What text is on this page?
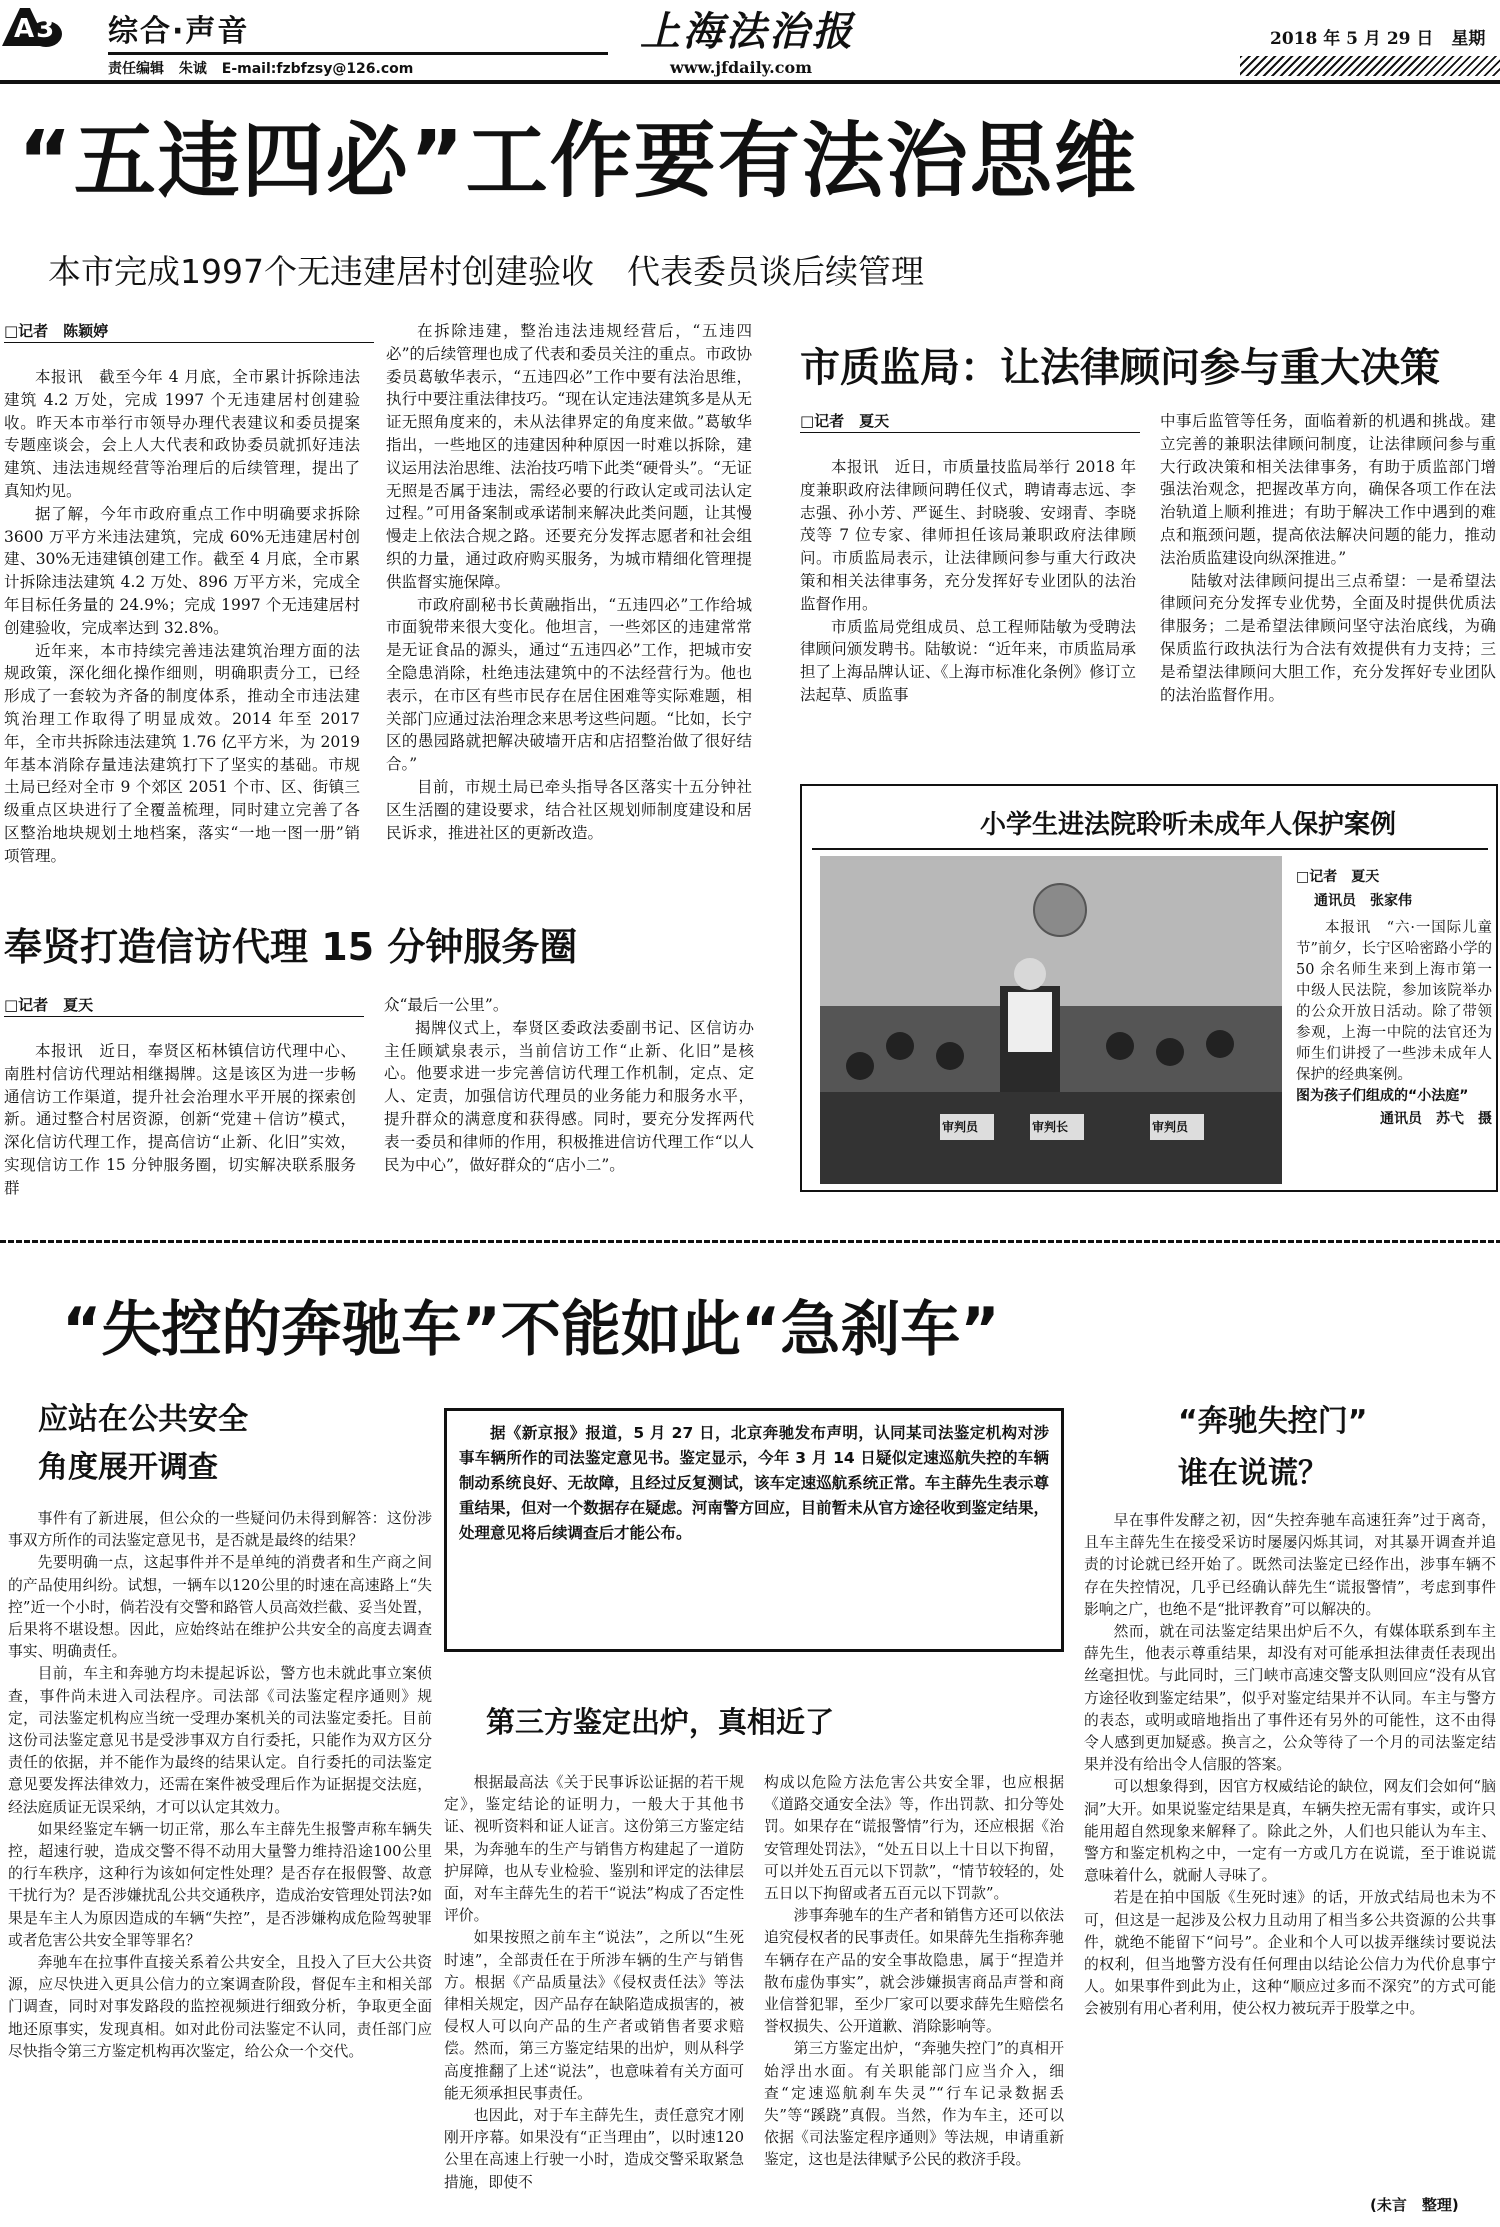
A3 综合·声音
责任编辑 朱诚 E-mail:fzbfzsy@126.com
上海法治报
www.jfdaily.com
2018 年 5 月 29 日 星期
“五违四必”工作要有法治思维
本市完成1997个无违建居村创建验收　代表委员谈后续管理
□记者　陈颖婷

本报讯　截至今年 4 月底，全市累计拆除违法建筑 4.2 万处，完成 1997 个无违建居村创建验收。昨天本市举行市领导办理代表建议和委员提案专题座谈会，会上人大代表和政协委员就抓好违法建筑、违法违规经营等治理后的后续管理，提出了真知灼见。

据了解，今年市政府重点工作中明确要求拆除 3600 万平方米违法建筑，完成 60%无违建居村创建、30%无违建镇创建工作。截至 4 月底，全市累计拆除违法建筑 4.2 万处、896 万平方米，完成全年目标任务量的 24.9%；完成 1997 个无违建居村创建验收，完成率达到 32.8%。

近年来，本市持续完善违法建筑治理方面的法规政策，深化细化操作细则，明确职责分工，已经形成了一套较为齐备的制度体系，推动全市违法建筑治理工作取得了明显成效。2014 年至 2017 年，全市共拆除违法建筑 1.76 亿平方米，为 2019 年基本消除存量违法建筑打下了坚实的基础。市规土局已经对全市 9 个郊区 2051 个市、区、街镇三级重点区块进行了全覆盖梳理，同时建立完善了各区整治地块规划土地档案，落实“一地一图一册”销项管理。

在拆除违建，整治违法违规经营后，“五违四必”的后续管理也成了代表和委员关注的重点。市政协委员葛敏华表示，“五违四必”工作中要有法治思维，执行中要注重法律技巧。“现在认定违法建筑多是从无证无照角度来的，未从法律界定的角度来做。”葛敏华指出，一些地区的违建因种种原因一时难以拆除，建议运用法治思维、法治技巧啃下此类“硬骨头”。“无证无照是否属于违法，需经必要的行政认定或司法认定过程。”可用备案制或承诺制来解决此类问题，让其慢慢走上依法合规之路。还要充分发挥志愿者和社会组织的力量，通过政府购买服务，为城市精细化管理提供监督实施保障。

市政府副秘书长黄融指出，“五违四必”工作给城市面貌带来很大变化。他坦言，一些郊区的违建常常是无证食品的源头，通过“五违四必”工作，把城市安全隐患消除，杜绝违法建筑中的不法经营行为。他也表示，在市区有些市民存在居住困难等实际难题，相关部门应通过法治理念来思考这些问题。“比如，长宁区的愚园路就把解决破墙开店和店招整治做了很好结合。”

目前，市规土局已牵头指导各区落实十五分钟社区生活圈的建设要求，结合社区规划师制度建设和居民诉求，推进社区的更新改造。

市质监局：让法律顾问参与重大决策
□记者　夏天

本报讯　近日，市质量技监局举行 2018 年度兼职政府法律顾问聘任仪式，聘请毒志远、李志强、孙小芳、严诞生、封晓骏、安翊青、李晓茂等 7 位专家、律师担任该局兼职政府法律顾问。市质监局表示，让法律顾问参与重大行政决策和相关法律事务，充分发挥好专业团队的法治监督作用。

市质监局党组成员、总工程师陆敏为受聘法律顾问颁发聘书。陆敏说：“近年来，市质监局承担了上海品牌认证、《上海市标准化条例》修订立法起草、质监事

中事后监管等任务，面临着新的机遇和挑战。建立完善的兼职法律顾问制度，让法律顾问参与重大行政决策和相关法律事务，有助于质监部门增强法治观念，把握改革方向，确保各项工作在法治轨道上顺利推进；有助于解决工作中遇到的难点和瓶颈问题，提高依法解决问题的能力，推动法治质监建设向纵深推进。”

陆敏对法律顾问提出三点希望：一是希望法律顾问充分发挥专业优势，全面及时提供优质法律服务；二是希望法律顾问坚守法治底线，为确保质监行政执法行为合法有效提供有力支持；三是希望法律顾问大胆工作，充分发挥好专业团队的法治监督作用。

小学生进法院聆听未成年人保护案例
审判员	审判长	审判员
□记者　夏天
通讯员　张家伟

本报讯　“六·一国际儿童节”前夕，长宁区哈密路小学的 50 余名师生来到上海市第一中级人民法院，参加该院举办的公众开放日活动。除了带领参观，上海一中院的法官还为师生们讲授了一些涉未成年人保护的经典案例。

图为孩子们组成的“小法庭”

通讯员　苏弋　摄

奉贤打造信访代理 15 分钟服务圈
□记者　夏天

本报讯　近日，奉贤区柘林镇信访代理中心、南胜村信访代理站相继揭牌。这是该区为进一步畅通信访工作渠道，提升社会治理水平开展的探索创新。通过整合村居资源，创新“党建＋信访”模式，深化信访代理工作，提高信访“止新、化旧”实效，实现信访工作 15 分钟服务圈，切实解决联系服务群

众“最后一公里”。

揭牌仪式上，奉贤区委政法委副书记、区信访办主任顾斌泉表示，当前信访工作“止新、化旧”是核心。他要求进一步完善信访代理工作机制，定点、定人、定责，加强信访代理员的业务能力和服务水平，提升群众的满意度和获得感。同时，要充分发挥两代表一委员和律师的作用，积极推进信访代理工作“以人民为中心”，做好群众的“店小二”。

“失控的奔驰车”不能如此“急刹车”
应站在公共安全
角度展开调查

事件有了新进展，但公众的一些疑问仍未得到解答：这份涉事双方所作的司法鉴定意见书，是否就是最终的结果？

先要明确一点，这起事件并不是单纯的消费者和生产商之间的产品使用纠纷。试想，一辆车以120公里的时速在高速路上“失控”近一个小时，倘若没有交警和路管人员高效拦截、妥当处置，后果将不堪设想。因此，应始终站在维护公共安全的高度去调查事实、明确责任。

目前，车主和奔驰方均未提起诉讼，警方也未就此事立案侦查，事件尚未进入司法程序。司法部《司法鉴定程序通则》规定，司法鉴定机构应当统一受理办案机关的司法鉴定委托。目前这份司法鉴定意见书是受涉事双方自行委托，只能作为双方区分责任的依据，并不能作为最终的结果认定。自行委托的司法鉴定意见要发挥法律效力，还需在案件被受理后作为证据提交法庭，经法庭质证无误采纳，才可以认定其效力。

如果经鉴定车辆一切正常，那么车主薛先生报警声称车辆失控，超速行驶，造成交警不得不动用大量警力维持沿途100公里的行车秩序，这种行为该如何定性处理？是否存在报假警、故意干扰行为？是否涉嫌扰乱公共交通秩序，造成治安管理处罚法?如果是车主人为原因造成的车辆“失控”，是否涉嫌构成危险驾驶罪或者危害公共安全罪等罪名？

奔驰车在拉事件直接关系着公共安全，且投入了巨大公共资源，应尽快进入更具公信力的立案调查阶段，督促车主和相关部门调查，同时对事发路段的监控视频进行细致分析，争取更全面地还原事实，发现真相。如对此份司法鉴定不认同，责任部门应尽快指令第三方鉴定机构再次鉴定，给公众一个交代。

据《新京报》报道，5 月 27 日，北京奔驰发布声明，认同某司法鉴定机构对涉事车辆所作的司法鉴定意见书。鉴定显示，今年 3 月 14 日疑似定速巡航失控的车辆制动系统良好、无故障，且经过反复测试，该车定速巡航系统正常。车主薛先生表示尊重结果，但对一个数据存在疑虑。河南警方回应，目前暂未从官方途径收到鉴定结果，处理意见将后续调查后才能公布。

第三方鉴定出炉，真相近了

根据最高法《关于民事诉讼证据的若干规定》，鉴定结论的证明力，一般大于其他书证、视听资料和证人证言。这份第三方鉴定结果，为奔驰车的生产与销售方构建起了一道防护屏障，也从专业检验、鉴别和评定的法律层面，对车主薛先生的若干“说法”构成了否定性评价。

如果按照之前车主“说法”，之所以“生死时速”，全部责任在于所涉车辆的生产与销售方。根据《产品质量法》《侵权责任法》等法律相关规定，因产品存在缺陷造成损害的，被侵权人可以向产品的生产者或销售者要求赔偿。然而，第三方鉴定结果的出炉，则从科学高度推翻了上述“说法”，也意味着有关方面可能无须承担民事责任。

也因此，对于车主薛先生，责任意究才刚刚开序幕。如果没有“正当理由”，以时速120公里在高速上行驶一小时，造成交警采取紧急措施，即使不

构成以危险方法危害公共安全罪，也应根据《道路交通安全法》等，作出罚款、扣分等处罚。如果存在“谎报警情”行为，还应根据《治安管理处罚法》，“处五日以上十日以下拘留，可以并处五百元以下罚款”，“情节较轻的，处五日以下拘留或者五百元以下罚款”。

涉事奔驰车的生产者和销售方还可以依法追究侵权者的民事责任。如果薛先生指称奔驰车辆存在产品的安全事故隐患，属于“捏造并散布虚伪事实”，就会涉嫌损害商品声誉和商业信誉犯罪，至少厂家可以要求薛先生赔偿名誉权损失、公开道歉、消除影响等。

第三方鉴定出炉，“奔驰失控门”的真相开始浮出水面。有关职能部门应当介入，细查“定速巡航刹车失灵”“行车记录数据丢失”等“蹊跷”真假。当然，作为车主，还可以依据《司法鉴定程序通则》等法规，申请重新鉴定，这也是法律赋予公民的救济手段。

“奔驰失控门”
谁在说谎？

早在事件发酵之初，因“失控奔驰车高速狂奔”过于离奇，且车主薛先生在接受采访时屡屡闪烁其词，对其暴开调查并追责的讨论就已经开始了。既然司法鉴定已经作出，涉事车辆不存在失控情况，几乎已经确认薛先生“谎报警情”，考虑到事件影响之广，也绝不是“批评教育”可以解决的。

然而，就在司法鉴定结果出炉后不久，有媒体联系到车主薛先生，他表示尊重结果，却没有对可能承担法律责任表现出丝毫担忧。与此同时，三门峡市高速交警支队则回应“没有从官方途径收到鉴定结果”，似乎对鉴定结果并不认同。车主与警方的表态，或明或暗地指出了事件还有另外的可能性，这不由得令人感到更加疑惑。换言之，公众等待了一个月的司法鉴定结果并没有给出令人信服的答案。

可以想象得到，因官方权威结论的缺位，网友们会如何“脑洞”大开。如果说鉴定结果是真，车辆失控无需有事实，或许只能用超自然现象来解释了。除此之外，人们也只能认为车主、警方和鉴定机构之中，一定有一方或几方在说谎，至于谁说谎意味着什么，就耐人寻味了。

若是在拍中国版《生死时速》的话，开放式结局也未为不可，但这是一起涉及公权力且动用了相当多公共资源的公共事件，就绝不能留下“问号”。企业和个人可以拔弄继续讨要说法的权利，但当地警方没有任何理由以结论公信力为代价息事宁人。如果事件到此为止，这种“顺应过多而不深究”的方式可能会被别有用心者利用，使公权力被玩弄于股掌之中。

(未言　整理)
